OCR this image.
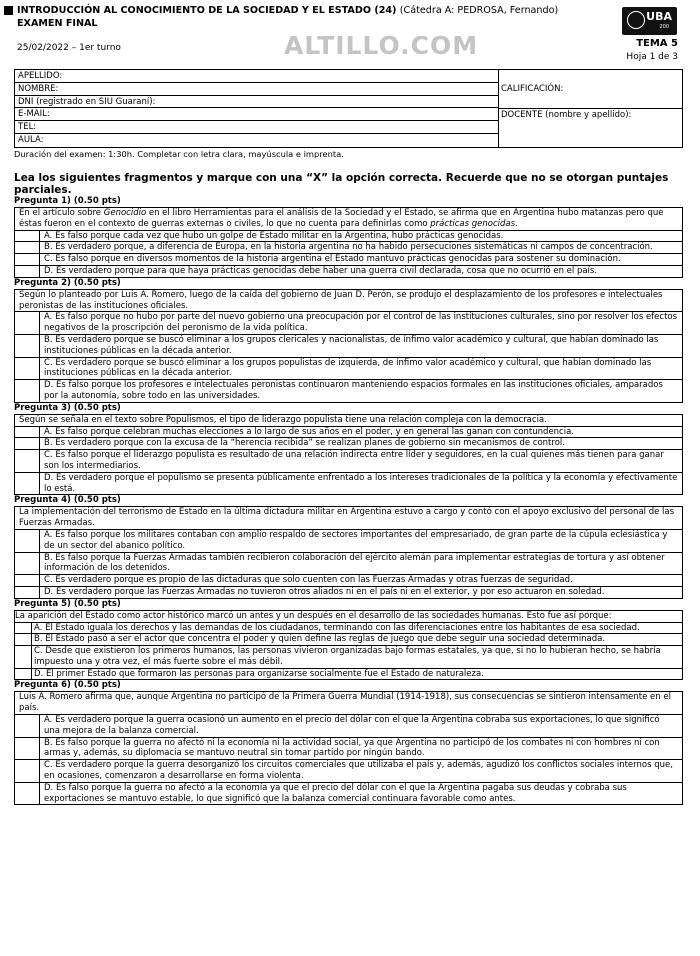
INTRODUCCIÓN AL CONOCIMIENTO DE LA SOCIEDAD Y EL ESTADO (24) (Cátedra A: PEDROSA, Fernando)
EXAMEN FINAL
25/02/2022 – 1er turno	ALTILLO.COM
UBA
200
TEMA 5
Hoja 1 de 3
APELLIDO:
NOMBRE:
DNI (registrado en SIU Guaraní):
E-MAIL:
TEL:
AULA:
CALIFICACIÓN:
DOCENTE (nombre y apellido):
Duración del examen: 1:30h. Completar con letra clara, mayúscula e imprenta.
Lea los siguientes fragmentos y marque con una “X” la opción correcta. Recuerde que no se otorgan puntajes parciales.
Pregunta 1) (0.50 pts)
En el artículo sobre Genocidio en el libro Herramientas para el análisis de la Sociedad y el Estado, se afirma que en Argentina hubo matanzas pero que éstas fueron en el contexto de guerras externas o civiles, lo que no cuenta para definirlas como prácticas genocidas.
A. Es falso porque cada vez que hubo un golpe de Estado militar en la Argentina, hubo prácticas genocidas.
B. Es verdadero porque, a diferencia de Europa, en la historia argentina no ha habido persecuciones sistemáticas ni campos de concentración.
C. Es falso porque en diversos momentos de la historia argentina el Estado mantuvo prácticas genocidas para sostener su dominación.
D. Es verdadero porque para que haya prácticas genocidas debe haber una guerra civil declarada, cosa que no ocurrió en el país.
Pregunta 2) (0.50 pts)
Según lo planteado por Luis A. Romero, luego de la caída del gobierno de Juan D. Perón, se produjo el desplazamiento de los profesores e intelectuales peronistas de las instituciones oficiales.
A. Es falso porque no hubo por parte del nuevo gobierno una preocupación por el control de las instituciones culturales, sino por resolver los efectos negativos de la proscripción del peronismo de la vida política.
B. Es verdadero porque se buscó eliminar a los grupos clericales y nacionalistas, de ínfimo valor académico y cultural, que habían dominado las instituciones públicas en la década anterior.
C. Es verdadero porque se buscó eliminar a los grupos populistas de izquierda, de ínfimo valor académico y cultural, que habían dominado las instituciones públicas en la década anterior.
D. Es falso porque los profesores e intelectuales peronistas continuaron manteniendo espacios formales en las instituciones oficiales, amparados por la autonomía, sobre todo en las universidades.
Pregunta 3) (0.50 pts)
Según se señala en el texto sobre Populismos, el tipo de liderazgo populista tiene una relación compleja con la democracia.
A. Es falso porque celebran muchas elecciones a lo largo de sus años en el poder, y en general las ganan con contundencia.
B. Es verdadero porque con la excusa de la “herencia recibida” se realizan planes de gobierno sin mecanismos de control.
C. Es falso porque el liderazgo populista es resultado de una relación indirecta entre líder y seguidores, en la cual quienes más tienen para ganar son los intermediarios.
D. Es verdadero porque el populismo se presenta públicamente enfrentado a los intereses tradicionales de la política y la economía y efectivamente lo está.
Pregunta 4) (0.50 pts)
La implementación del terrorismo de Estado en la última dictadura militar en Argentina estuvo a cargo y contó con el apoyo exclusivo del personal de las Fuerzas Armadas.
A. Es falso porque los militares contaban con amplio respaldo de sectores importantes del empresariado, de gran parte de la cúpula eclesiástica y de un sector del abanico político.
B. Es falso porque la Fuerzas Armadas también recibieron colaboración del ejército alemán para implementar estrategias de tortura y así obtener información de los detenidos.
C. Es verdadero porque es propio de las dictaduras que solo cuenten con las Fuerzas Armadas y otras fuerzas de seguridad.
D. Es verdadero porque las Fuerzas Armadas no tuvieron otros aliados ni en el país ni en el exterior, y por eso actuaron en soledad.
Pregunta 5) (0.50 pts)
La aparición del Estado como actor histórico marcó un antes y un después en el desarrollo de las sociedades humanas. Esto fue así porque:
A. El Estado iguala los derechos y las demandas de los ciudadanos, terminando con las diferenciaciones entre los habitantes de esa sociedad.
B. El Estado pasó a ser el actor que concentra el poder y quien define las reglas de juego que debe seguir una sociedad determinada.
C. Desde que existieron los primeros humanos, las personas vivieron organizadas bajo formas estatales, ya que, si no lo hubieran hecho, se habría impuesto una y otra vez, el más fuerte sobre el más débil.
D. El primer Estado que formaron las personas para organizarse socialmente fue el Estado de naturaleza.
Pregunta 6) (0.50 pts)
Luis A. Romero afirma que, aunque Argentina no participó de la Primera Guerra Mundial (1914-1918), sus consecuencias se sintieron intensamente en el país.
A. Es verdadero porque la guerra ocasionó un aumento en el precio del dólar con el que la Argentina cobraba sus exportaciones, lo que significó una mejora de la balanza comercial.
B. Es falso porque la guerra no afectó ni la economía ni la actividad social, ya que Argentina no participó de los combates ni con hombres ni con armas y, además, su diplomacia se mantuvo neutral sin tomar partido por ningún bando.
C. Es verdadero porque la guerra desorganizó los circuitos comerciales que utilizaba el país y, además, agudizó los conflictos sociales internos que, en ocasiones, comenzaron a desarrollarse en forma violenta.
D. Es falso porque la guerra no afectó a la economía ya que el precio del dólar con el que la Argentina pagaba sus deudas y cobraba sus exportaciones se mantuvo estable, lo que significó que la balanza comercial continuara favorable como antes.
